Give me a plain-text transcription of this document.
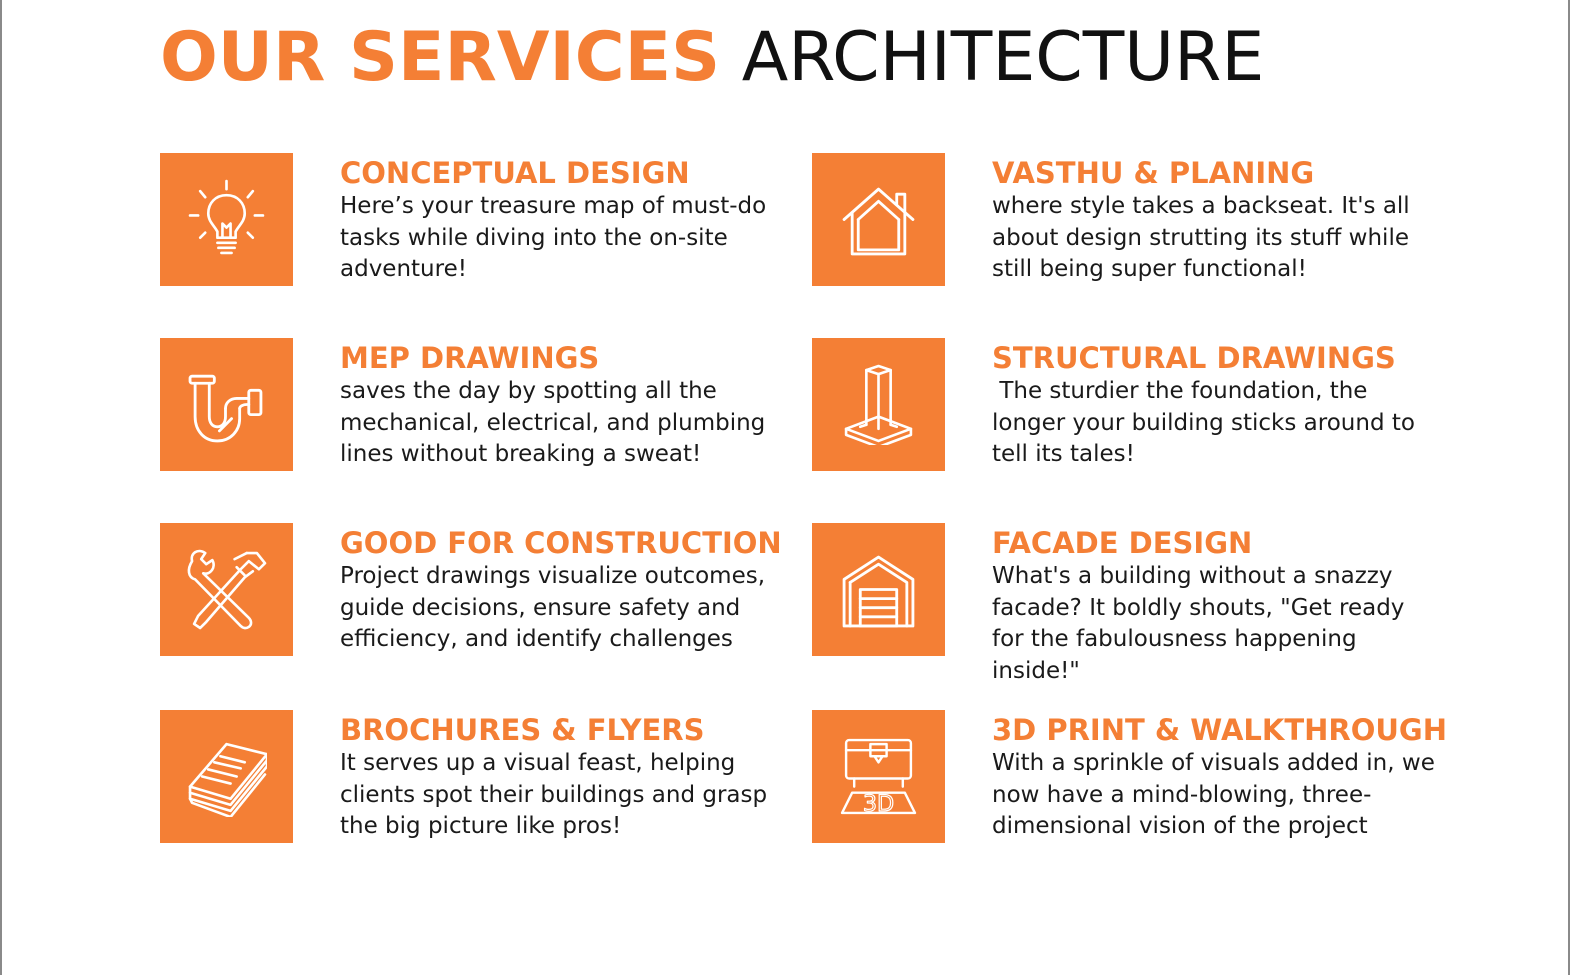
OUR SERVICES ARCHITECTURE
CONCEPTUAL DESIGN

Here’s your treasure map of must-do tasks while diving into the on-site adventure!

VASTHU & PLANING

where style takes a backseat. It's all about design strutting its stuff while still being super functional!

MEP DRAWINGS

saves the day by spotting all the mechanical, electrical, and plumbing lines without breaking a sweat!

STRUCTURAL DRAWINGS

The sturdier the foundation, the longer your building sticks around to tell its tales!

GOOD FOR CONSTRUCTION

Project drawings visualize outcomes, guide decisions, ensure safety and efficiency, and identify challenges

FACADE DESIGN

What's a building without a snazzy facade? It boldly shouts, "Get ready for the fabulousness happening inside!"

BROCHURES & FLYERS

It serves up a visual feast, helping clients spot their buildings and grasp the big picture like pros!

3D
3D PRINT & WALKTHROUGH

With a sprinkle of visuals added in, we now have a mind-blowing, three-dimensional vision of the project
